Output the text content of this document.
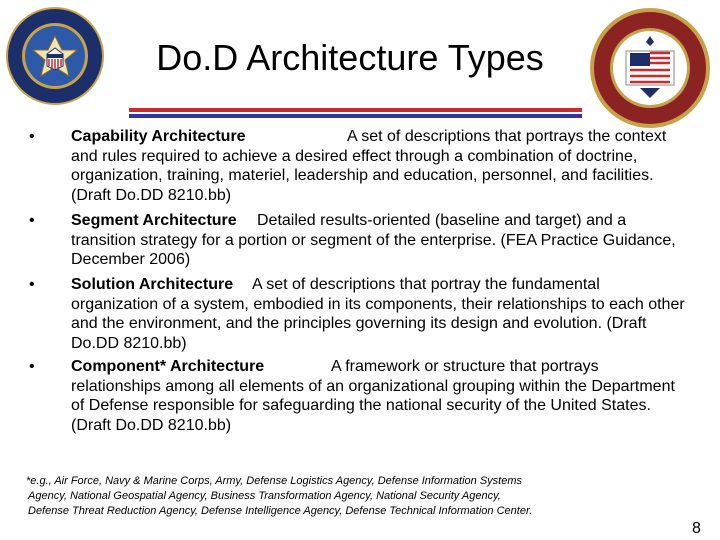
Do.D Architecture Types
• Capability Architecture	A set of descriptions that portrays the context and rules required to achieve a desired effect through a combination of doctrine, organization, training, materiel, leadership and education, personnel, and facilities. (Draft Do.DD 8210.bb)
• Segment Architecture Detailed results-oriented (baseline and target) and a transition strategy for a portion or segment of the enterprise. (FEA Practice Guidance, December 2006)
• Solution Architecture A set of descriptions that portray the fundamental organization of a system, embodied in its components, their relationships to each other and the environment, and the principles governing its design and evolution. (Draft Do.DD 8210.bb)
• Component* Architecture	A framework or structure that portrays relationships among all elements of an organizational grouping within the Department of Defense responsible for safeguarding the national security of the United States. (Draft Do.DD 8210.bb)
*e.g., Air Force, Navy & Marine Corps, Army, Defense Logistics Agency, Defense Information Systems Agency, National Geospatial Agency, Business Transformation Agency, National Security Agency, Defense Threat Reduction Agency, Defense Intelligence Agency, Defense Technical Information Center.
8
